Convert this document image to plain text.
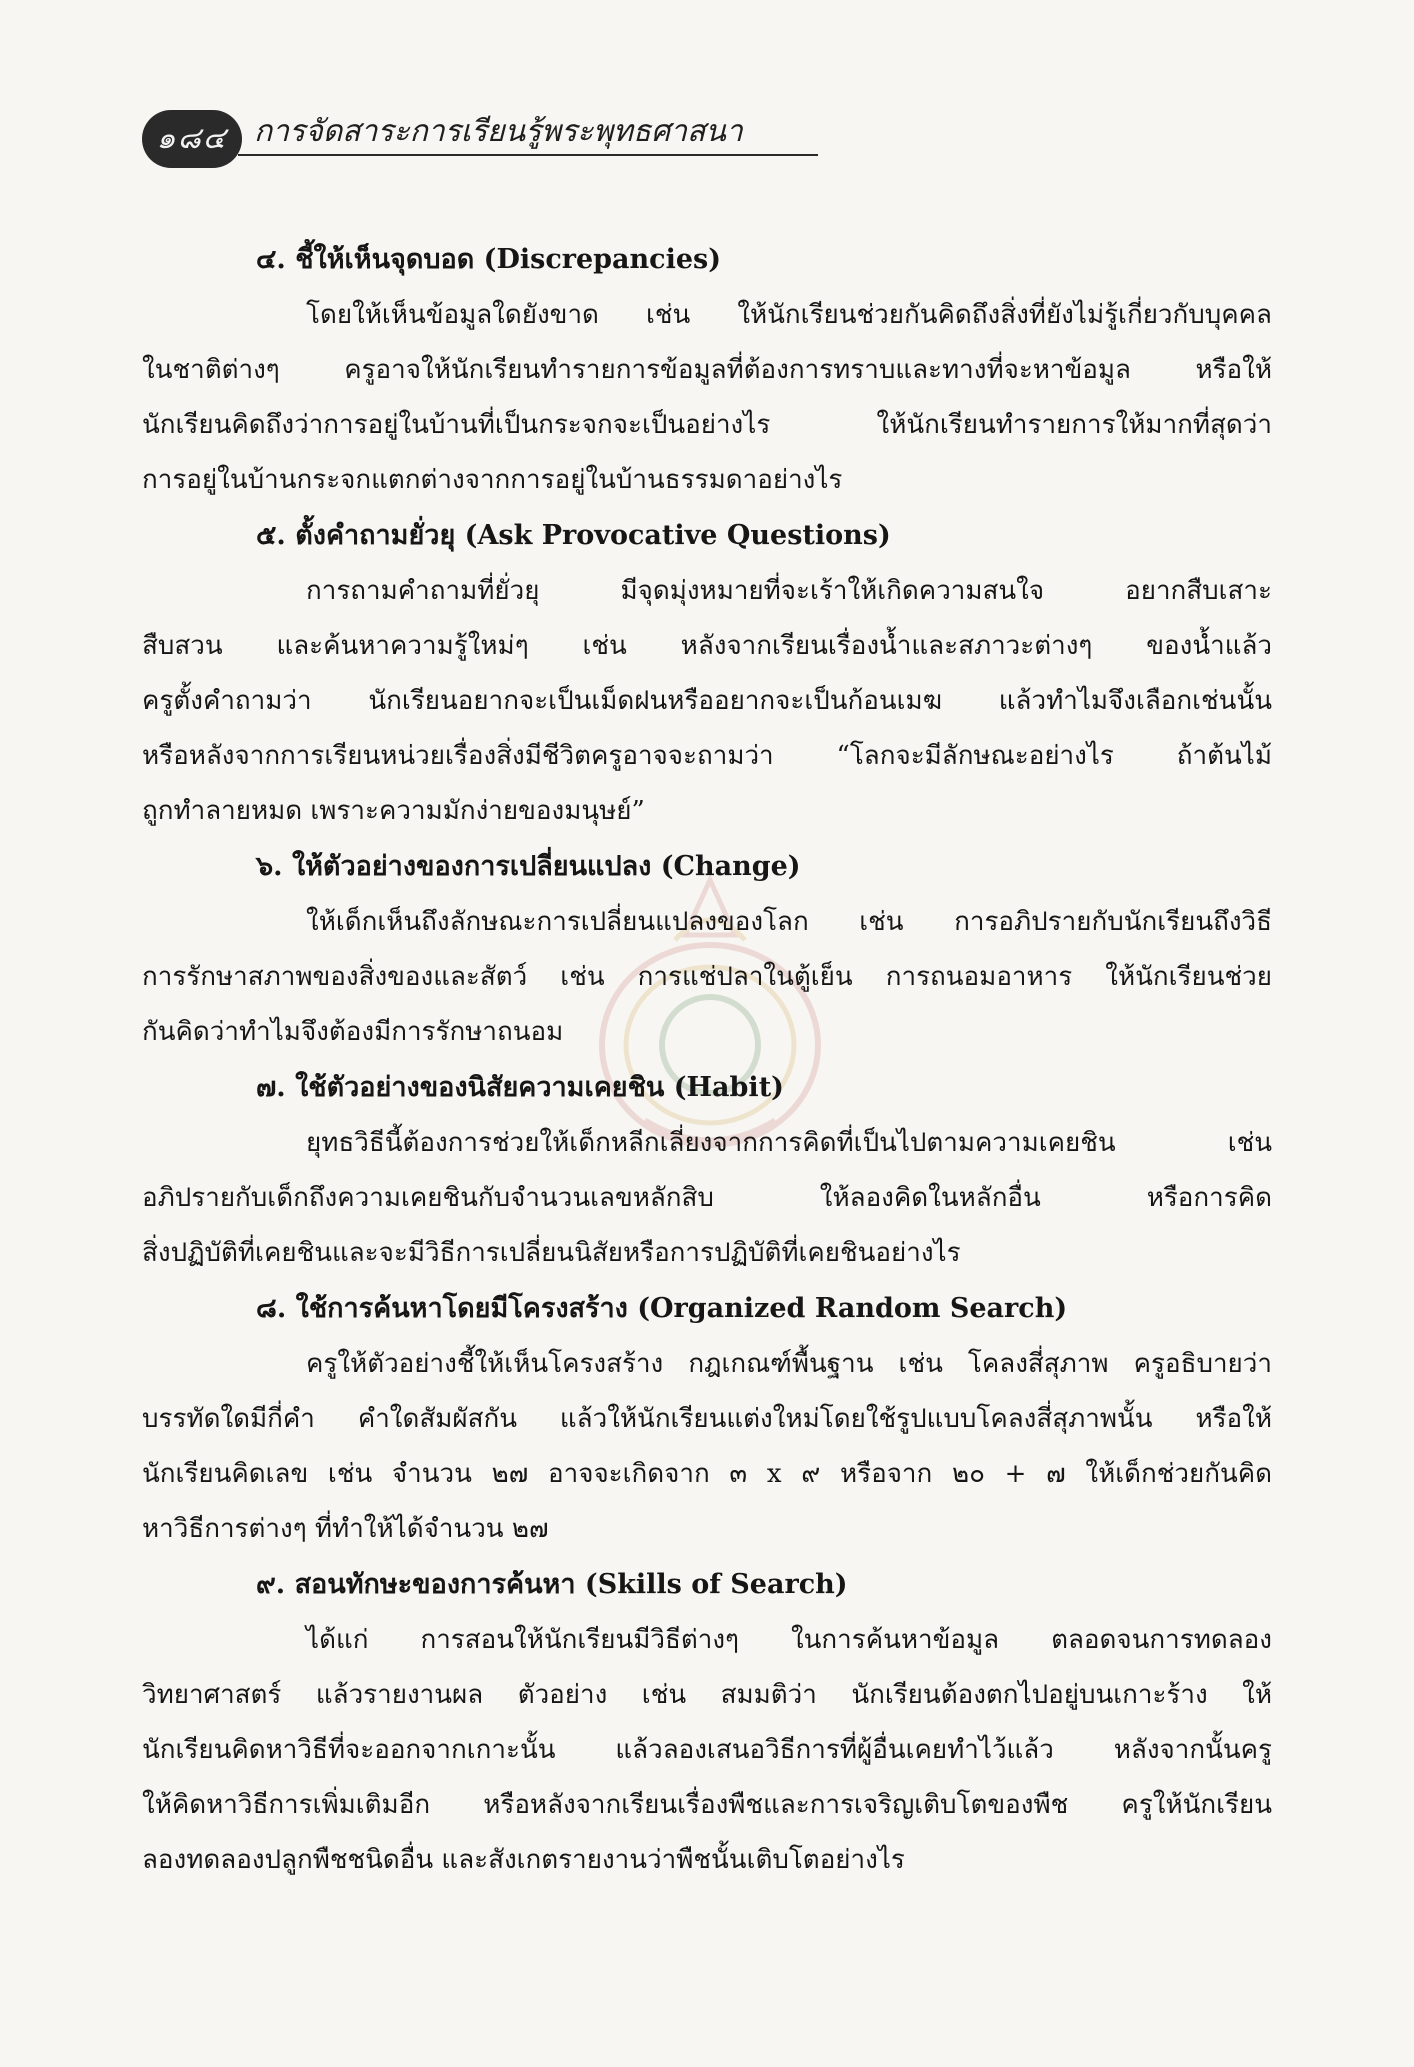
๑๘๔ การจัดสาระการเรียนรู้พระพุทธศาสนา
๔. ชี้ให้เห็นจุดบอด (Discrepancies)
โดยให้เห็นข้อมูลใดยังขาด เช่น ให้นักเรียนช่วยกันคิดถึงสิ่งที่ยังไม่รู้เกี่ยวกับบุคคล
ในชาติต่างๆ ครูอาจให้นักเรียนทำรายการข้อมูลที่ต้องการทราบและทางที่จะหาข้อมูล หรือให้
นักเรียนคิดถึงว่าการอยู่ในบ้านที่เป็นกระจกจะเป็นอย่างไร ให้นักเรียนทำรายการให้มากที่สุดว่า
การอยู่ในบ้านกระจกแตกต่างจากการอยู่ในบ้านธรรมดาอย่างไร
๕. ตั้งคำถามยั่วยุ (Ask Provocative Questions)
การถามคำถามที่ยั่วยุ มีจุดมุ่งหมายที่จะเร้าให้เกิดความสนใจ อยากสืบเสาะ
สืบสวน และค้นหาความรู้ใหม่ๆ เช่น หลังจากเรียนเรื่องน้ำและสภาวะต่างๆ ของน้ำแล้ว
ครูตั้งคำถามว่า นักเรียนอยากจะเป็นเม็ดฝนหรืออยากจะเป็นก้อนเมฆ แล้วทำไมจึงเลือกเช่นนั้น
หรือหลังจากการเรียนหน่วยเรื่องสิ่งมีชีวิตครูอาจจะถามว่า “โลกจะมีลักษณะอย่างไร ถ้าต้นไม้
ถูกทำลายหมด เพราะความมักง่ายของมนุษย์”
๖. ให้ตัวอย่างของการเปลี่ยนแปลง (Change)
ให้เด็กเห็นถึงลักษณะการเปลี่ยนแปลงของโลก เช่น การอภิปรายกับนักเรียนถึงวิธี
การรักษาสภาพของสิ่งของและสัตว์ เช่น การแช่ปลาในตู้เย็น การถนอมอาหาร ให้นักเรียนช่วย
กันคิดว่าทำไมจึงต้องมีการรักษาถนอม
๗. ใช้ตัวอย่างของนิสัยความเคยชิน (Habit)
ยุทธวิธีนี้ต้องการช่วยให้เด็กหลีกเลี่ยงจากการคิดที่เป็นไปตามความเคยชิน เช่น
อภิปรายกับเด็กถึงความเคยชินกับจำนวนเลขหลักสิบ ให้ลองคิดในหลักอื่น หรือการคิด
สิ่งปฏิบัติที่เคยชินและจะมีวิธีการเปลี่ยนนิสัยหรือการปฏิบัติที่เคยชินอย่างไร
๘. ใช้การค้นหาโดยมีโครงสร้าง (Organized Random Search)
ครูให้ตัวอย่างชี้ให้เห็นโครงสร้าง กฎเกณฑ์พื้นฐาน เช่น โคลงสี่สุภาพ ครูอธิบายว่า
บรรทัดใดมีกี่คำ คำใดสัมผัสกัน แล้วให้นักเรียนแต่งใหม่โดยใช้รูปแบบโคลงสี่สุภาพนั้น หรือให้
นักเรียนคิดเลข เช่น จำนวน ๒๗ อาจจะเกิดจาก ๓ x ๙ หรือจาก ๒๐ + ๗ ให้เด็กช่วยกันคิด
หาวิธีการต่างๆ ที่ทำให้ได้จำนวน ๒๗
๙. สอนทักษะของการค้นหา (Skills of Search)
ได้แก่ การสอนให้นักเรียนมีวิธีต่างๆ ในการค้นหาข้อมูล ตลอดจนการทดลอง
วิทยาศาสตร์ แล้วรายงานผล ตัวอย่าง เช่น สมมติว่า นักเรียนต้องตกไปอยู่บนเกาะร้าง ให้
นักเรียนคิดหาวิธีที่จะออกจากเกาะนั้น แล้วลองเสนอวิธีการที่ผู้อื่นเคยทำไว้แล้ว หลังจากนั้นครู
ให้คิดหาวิธีการเพิ่มเติมอีก หรือหลังจากเรียนเรื่องพืชและการเจริญเติบโตของพืช ครูให้นักเรียน
ลองทดลองปลูกพืชชนิดอื่น และสังเกตรายงานว่าพืชนั้นเติบโตอย่างไร
